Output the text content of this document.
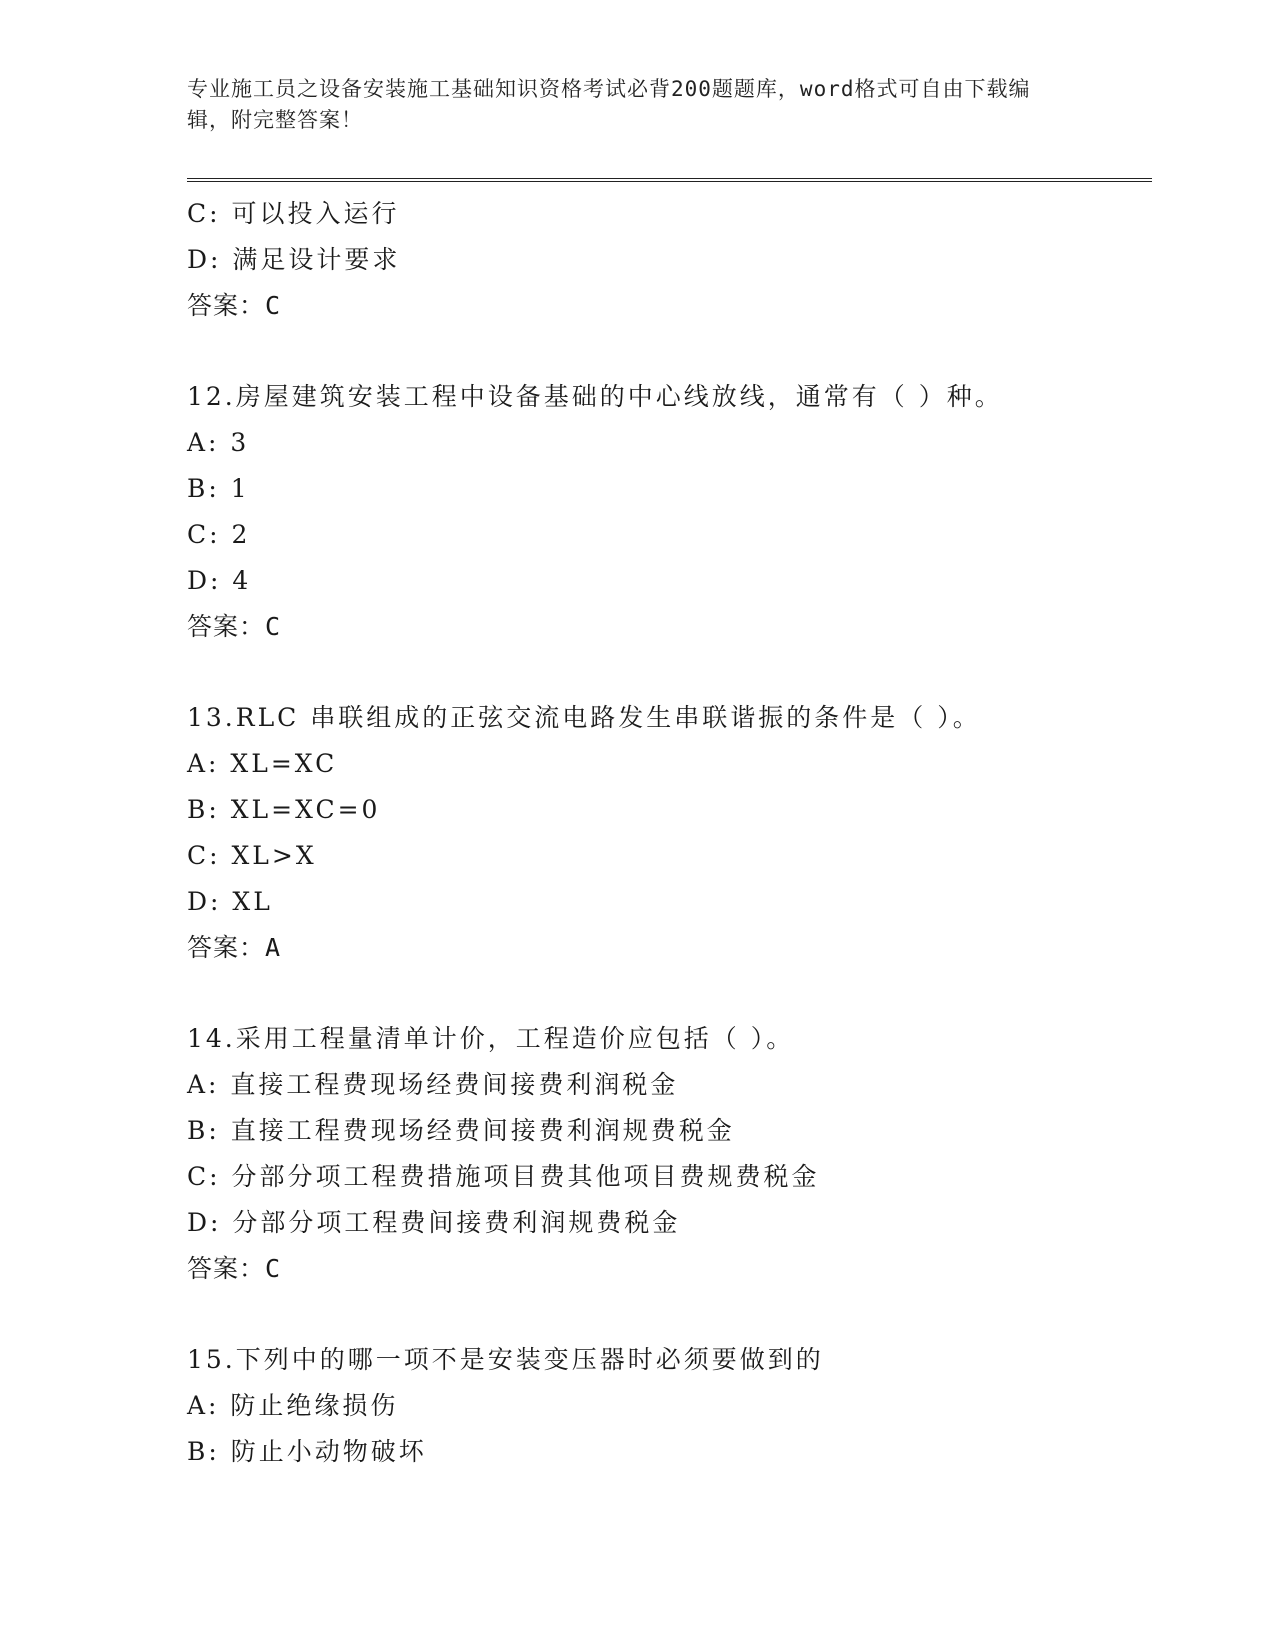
专业施工员之设备安装施工基础知识资格考试必背200题题库，word格式可自由下载编辑，附完整答案！
C: 可以投入运行
D: 满足设计要求
答案：C
12.房屋建筑安装工程中设备基础的中心线放线，通常有（ ）种。
A: 3
B: 1
C: 2
D: 4
答案：C
13.RLC 串联组成的正弦交流电路发生串联谐振的条件是（ ）。
A: XL=XC
B: XL=XC=0
C: XL>X
D: XL
答案：A
14.采用工程量清单计价，工程造价应包括（ ）。
A: 直接工程费现场经费间接费利润税金
B: 直接工程费现场经费间接费利润规费税金
C: 分部分项工程费措施项目费其他项目费规费税金
D: 分部分项工程费间接费利润规费税金
答案：C
15.下列中的哪一项不是安装变压器时必须要做到的
A: 防止绝缘损伤
B: 防止小动物破坏
